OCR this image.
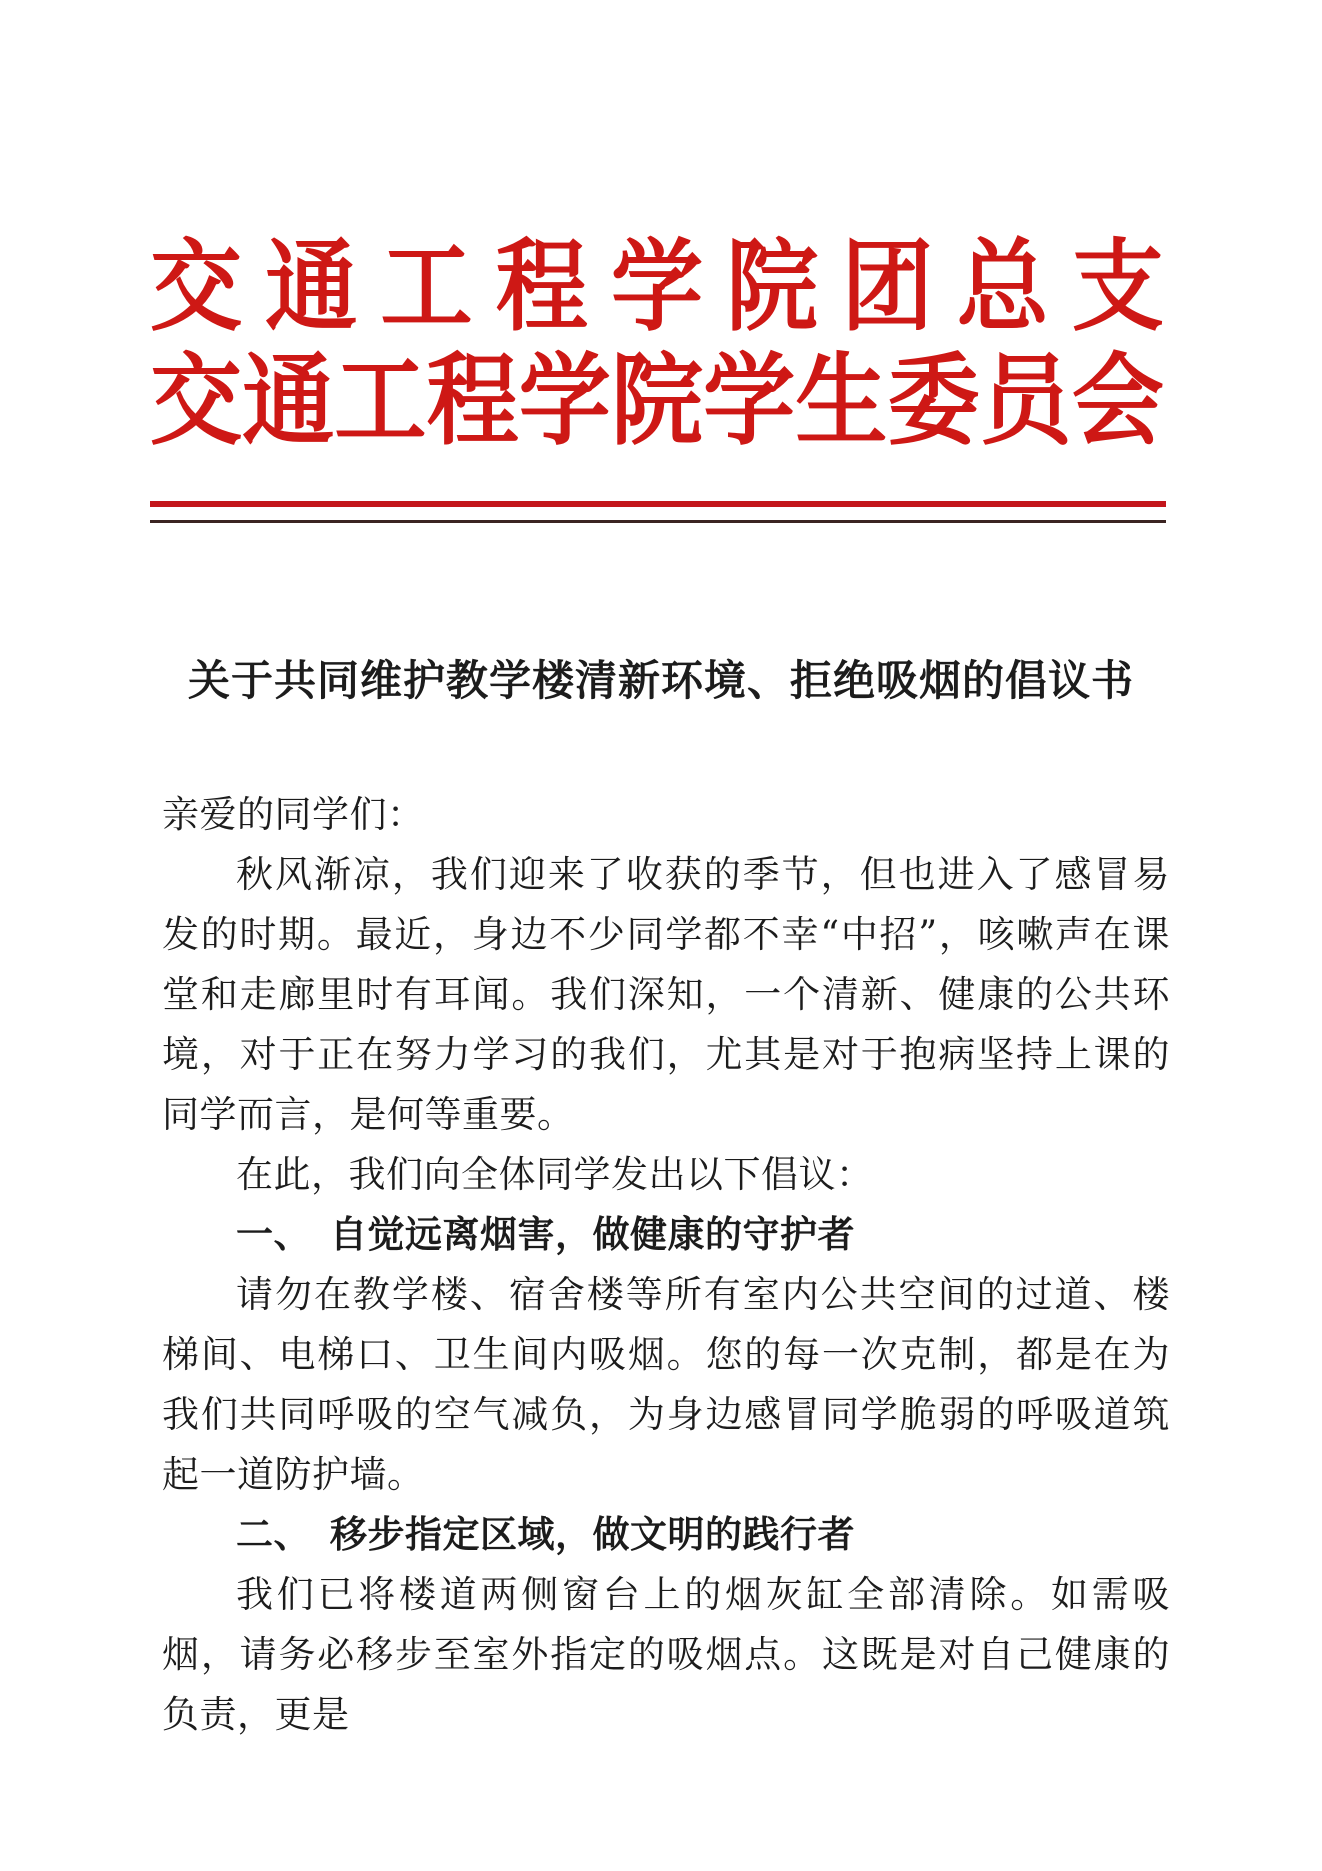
交 通 工 程 学 院 团 总 支
交 通 工 程 学 院 学 生 委 员 会
关于共同维护教学楼清新环境、拒绝吸烟的倡议书

亲爱的同学们：

秋风渐凉，我们迎来了收获的季节，但也进入了感冒易发的时期。最近，身边不少同学都不幸“中招”，咳嗽声在课堂和走廊里时有耳闻。我们深知，一个清新、健康的公共环境，对于正在努力学习的我们，尤其是对于抱病坚持上课的同学而言，是何等重要。

在此，我们向全体同学发出以下倡议：

一、　自觉远离烟害，做健康的守护者

请勿在教学楼、宿舍楼等所有室内公共空间的过道、楼梯间、电梯口、卫生间内吸烟。您的每一次克制，都是在为我们共同呼吸的空气减负，为身边感冒同学脆弱的呼吸道筑起一道防护墙。

二、　移步指定区域，做文明的践行者

我们已将楼道两侧窗台上的烟灰缸全部清除。如需吸烟，请务必移步至室外指定的吸烟点。这既是对自己健康的负责，更是
